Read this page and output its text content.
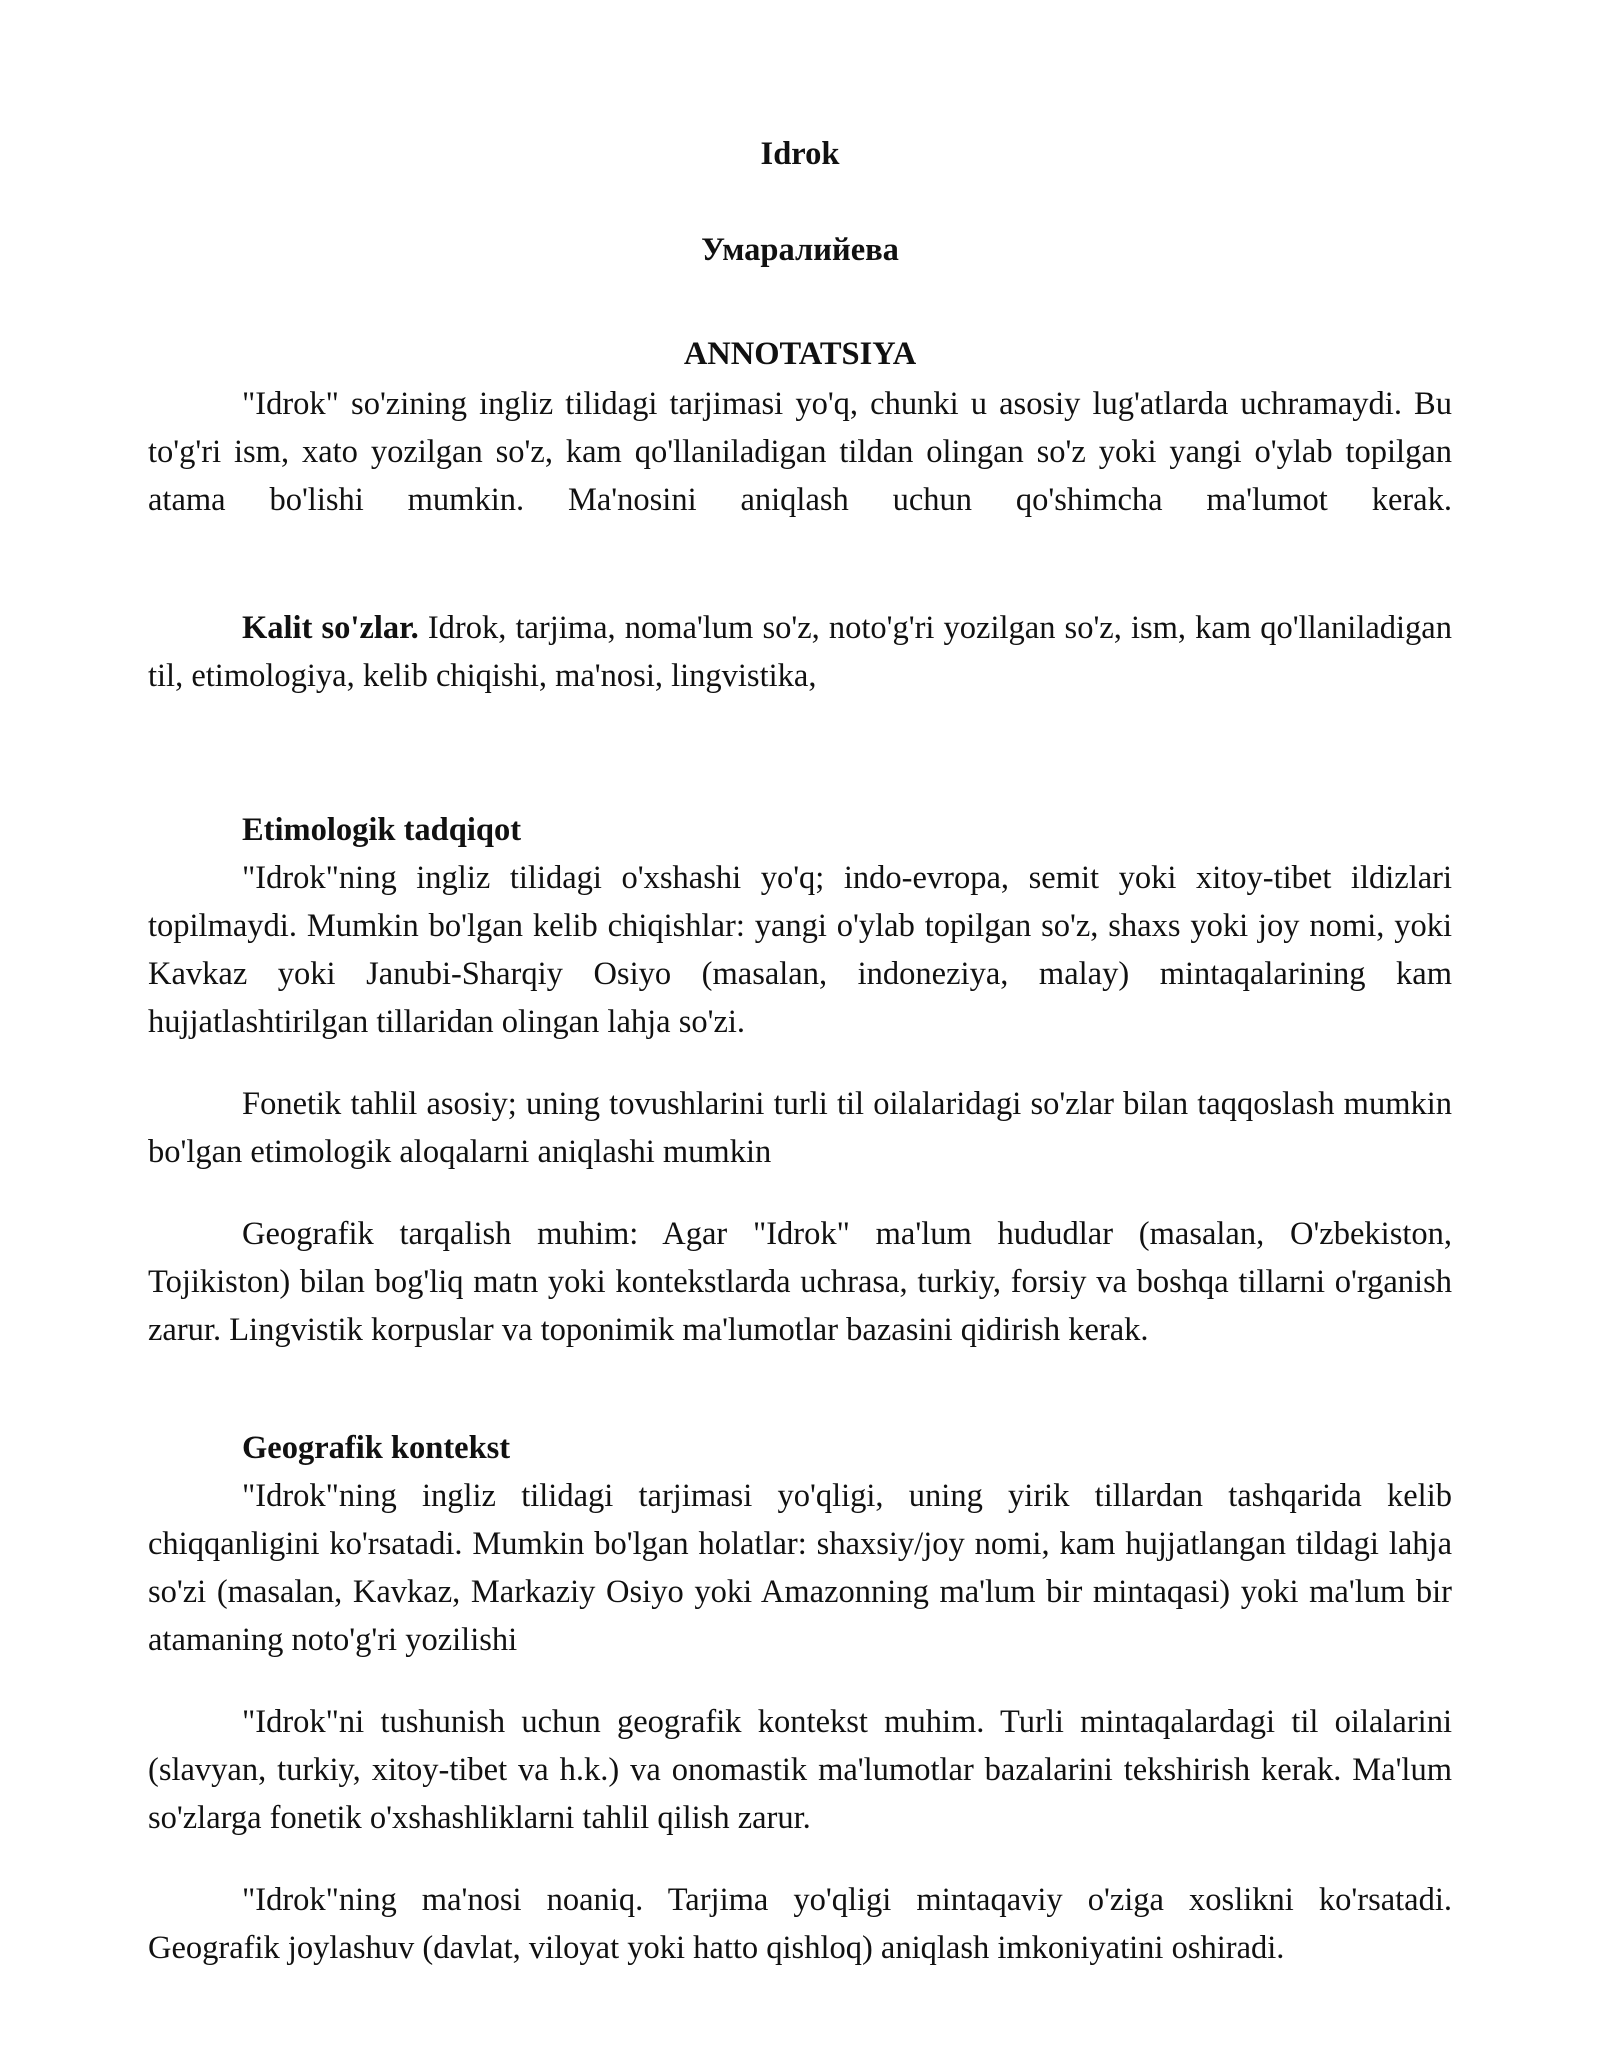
Idrok

Умаралийева

ANNOTATSIYA

"Idrok" so'zining ingliz tilidagi tarjimasi yo'q, chunki u asosiy lug'atlarda uchramaydi. Bu to'g'ri ism, xato yozilgan so'z, kam qo'llaniladigan tildan olingan so'z yoki yangi o'ylab topilgan atama bo'lishi mumkin. Ma'nosini aniqlash uchun qo'shimcha ma'lumot kerak.

Kalit so'zlar. Idrok, tarjima, noma'lum so'z, noto'g'ri yozilgan so'z, ism, kam qo'llaniladigan til, etimologiya, kelib chiqishi, ma'nosi, lingvistika,

Etimologik tadqiqot

"Idrok"ning ingliz tilidagi o'xshashi yo'q; indo-evropa, semit yoki xitoy-tibet ildizlari topilmaydi. Mumkin bo'lgan kelib chiqishlar: yangi o'ylab topilgan so'z, shaxs yoki joy nomi, yoki Kavkaz yoki Janubi-Sharqiy Osiyo (masalan, indoneziya, malay) mintaqalarining kam hujjatlashtirilgan tillaridan olingan lahja so'zi.

Fonetik tahlil asosiy; uning tovushlarini turli til oilalaridagi so'zlar bilan taqqoslash mumkin bo'lgan etimologik aloqalarni aniqlashi mumkin

Geografik tarqalish muhim: Agar "Idrok" ma'lum hududlar (masalan, O'zbekiston, Tojikiston) bilan bog'liq matn yoki kontekstlarda uchrasa, turkiy, forsiy va boshqa tillarni o'rganish zarur. Lingvistik korpuslar va toponimik ma'lumotlar bazasini qidirish kerak.

Geografik kontekst

"Idrok"ning ingliz tilidagi tarjimasi yo'qligi, uning yirik tillardan tashqarida kelib chiqqanligini ko'rsatadi. Mumkin bo'lgan holatlar: shaxsiy/joy nomi, kam hujjatlangan tildagi lahja so'zi (masalan, Kavkaz, Markaziy Osiyo yoki Amazonning ma'lum bir mintaqasi) yoki ma'lum bir atamaning noto'g'ri yozilishi

"Idrok"ni tushunish uchun geografik kontekst muhim. Turli mintaqalardagi til oilalarini (slavyan, turkiy, xitoy-tibet va h.k.) va onomastik ma'lumotlar bazalarini tekshirish kerak. Ma'lum so'zlarga fonetik o'xshashliklarni tahlil qilish zarur.

"Idrok"ning ma'nosi noaniq. Tarjima yo'qligi mintaqaviy o'ziga xoslikni ko'rsatadi. Geografik joylashuv (davlat, viloyat yoki hatto qishloq) aniqlash imkoniyatini oshiradi.
